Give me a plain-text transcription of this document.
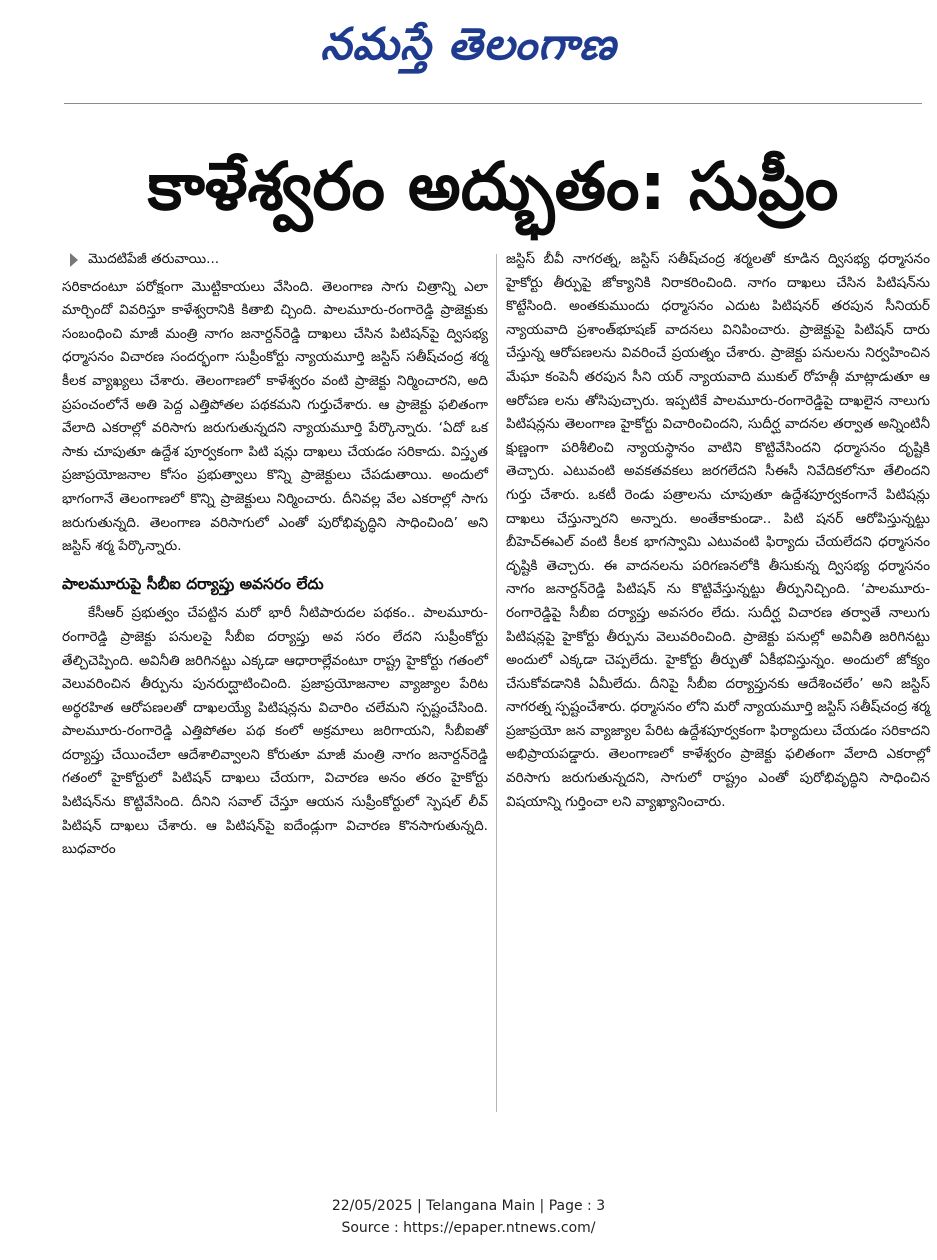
నమస్తే తెలంగాణ
కాళేశ్వరం అద్భుతం: సుప్రీం
మొదటిపేజీ తరువాయి...

సరికాదంటూ పరోక్షంగా మొట్టికాయలు వేసింది. తెలంగాణ సాగు చిత్రాన్ని ఎలా మార్చిందో వివరిస్తూ కాళేశ్వరానికి కితాబి చ్చింది. పాలమూరు-రంగారెడ్డి ప్రాజెక్టుకు సంబంధించి మాజీ మంత్రి నాగం జనార్దన్‌రెడ్డి దాఖలు చేసిన పిటిషన్‌పై ద్విసభ్య ధర్మాసనం విచారణ సందర్భంగా సుప్రీంకోర్టు న్యాయమూర్తి జస్టిస్ సతీష్‌చంద్ర శర్మ కీలక వ్యాఖ్యలు చేశారు. తెలంగాణలో కాళేశ్వరం వంటి ప్రాజెక్టు నిర్మించారని, అది ప్రపంచంలోనే అతి పెద్ద ఎత్తిపోతల పథకమని గుర్తుచేశారు. ఆ ప్రాజెక్టు ఫలితంగా వేలాది ఎకరాల్లో వరిసాగు జరుగుతున్నదని న్యాయమూర్తి పేర్కొన్నారు. ‘ఏదో ఒక సాకు చూపుతూ ఉద్దేశ పూర్వకంగా పిటి షన్లు దాఖలు చేయడం సరికాదు. విస్తృత ప్రజాప్రయోజనాల కోసం ప్రభుత్వాలు కొన్ని ప్రాజెక్టులు చేపడుతాయి. అందులో భాగంగానే తెలంగాణలో కొన్ని ప్రాజెక్టులు నిర్మించారు. దీనివల్ల వేల ఎకరాల్లో సాగు జరుగుతున్నది. తెలంగాణ వరిసాగులో ఎంతో పురోభివృద్ధిని సాధించింది’ అని జస్టిస్ శర్మ పేర్కొన్నారు.

పాలమూరుపై సీబీఐ దర్యాప్తు అవసరం లేదు

కేసీఆర్ ప్రభుత్వం చేపట్టిన మరో భారీ నీటిపారుదల పథకం.. పాలమూరు-రంగారెడ్డి ప్రాజెక్టు పనులపై సీబీఐ దర్యాప్తు అవ సరం లేదని సుప్రీంకోర్టు తేల్చిచెప్పింది. అవినీతి జరిగినట్టు ఎక్కడా ఆధారాల్లేవంటూ రాష్ట్ర హైకోర్టు గతంలో వెలువరించిన తీర్పును పునరుద్ఘాటించింది. ప్రజాప్రయోజనాల వ్యాజ్యాల పేరిట అర్థరహిత ఆరోపణలతో దాఖలయ్యే పిటిషన్లను విచారిం చలేమని స్పష్టంచేసింది. పాలమూరు-రంగారెడ్డి ఎత్తిపోతల పథ కంలో అక్రమాలు జరిగాయని, సీబీఐతో దర్యాప్తు చేయించేలా ఆదేశాలివ్వాలని కోరుతూ మాజీ మంత్రి నాగం జనార్దన్‌రెడ్డి గతంలో హైకోర్టులో పిటిషన్ దాఖలు చేయగా, విచారణ అనం తరం హైకోర్టు పిటిషన్‌ను కొట్టివేసింది. దీనిని సవాల్ చేస్తూ ఆయన సుప్రీంకోర్టులో స్పెషల్ లీవ్ పిటిషన్ దాఖలు చేశారు. ఆ పిటిషన్‌పై ఐదేండ్లుగా విచారణ కొనసాగుతున్నది. బుధవారం

జస్టిస్ బీవీ నాగరత్న, జస్టిస్ సతీష్‌చంద్ర శర్మలతో కూడిన ద్విసభ్య ధర్మాసనం హైకోర్టు తీర్పుపై జోక్యానికి నిరాకరించింది. నాగం దాఖలు చేసిన పిటిషన్‌ను కొట్టేసింది. అంతకుముందు ధర్మాసనం ఎదుట పిటిషనర్ తరపున సీనియర్ న్యాయవాది ప్రశాంత్‌భూషణ్ వాదనలు వినిపించారు. ప్రాజెక్టుపై పిటిషన్ దారు చేస్తున్న ఆరోపణలను వివరించే ప్రయత్నం చేశారు. ప్రాజెక్టు పనులను నిర్వహించిన మేఘా కంపెనీ తరపున సీని యర్ న్యాయవాది ముకుల్ రోహత్గీ మాట్లాడుతూ ఆ ఆరోపణ లను తోసిపుచ్చారు. ఇప్పటికే పాలమూరు-రంగారెడ్డిపై దాఖలైన నాలుగు పిటిషన్లను తెలంగాణ హైకోర్టు విచారించిందని, సుదీర్ఘ వాదనల తర్వాత అన్నింటినీ క్షుణ్ణంగా పరిశీలించి న్యాయస్థానం వాటిని కొట్టివేసిందని ధర్మాసనం దృష్టికి తెచ్చారు. ఎటువంటి అవకతవకలు జరగలేదని సీఈసీ నివేదికలోనూ తేలిందని గుర్తు చేశారు. ఒకటీ రెండు పత్రాలను చూపుతూ ఉద్దేశపూర్వకంగానే పిటిషన్లు దాఖలు చేస్తున్నారని అన్నారు. అంతేకాకుండా.. పిటి షనర్ ఆరోపిస్తున్నట్టు బీహెచ్‌ఈఎల్ వంటి కీలక భాగస్వామి ఎటువంటి ఫిర్యాదు చేయలేదని ధర్మాసనం దృష్టికి తెచ్చారు. ఈ వాదనలను పరిగణనలోకి తీసుకున్న ద్విసభ్య ధర్మాసనం నాగం జనార్దన్‌రెడ్డి పిటిషన్ ను కొట్టివేస్తున్నట్టు తీర్పునిచ్చింది. ‘పాలమూరు-రంగారెడ్డిపై సీబీఐ దర్యాప్తు అవసరం లేదు. సుదీర్ఘ విచారణ తర్వాతే నాలుగు పిటిషన్లపై హైకోర్టు తీర్పును వెలువరించింది. ప్రాజెక్టు పనుల్లో అవినీతి జరిగినట్టు అందులో ఎక్కడా చెప్పలేదు. హైకోర్టు తీర్పుతో ఏకీభవిస్తున్నం. అందులో జోక్యం చేసుకోవడానికి ఏమీలేదు. దీనిపై సీబీఐ దర్యాప్తునకు ఆదేశించలేం’ అని జస్టిస్ నాగరత్న స్పష్టంచేశారు. ధర్మాసనం లోని మరో న్యాయమూర్తి జస్టిస్ సతీష్‌చంద్ర శర్మ ప్రజాప్రయో జన వ్యాజ్యాల పేరిట ఉద్దేశపూర్వకంగా ఫిర్యాదులు చేయడం సరికాదని అభిప్రాయపడ్డారు. తెలంగాణలో కాళేశ్వరం ప్రాజెక్టు ఫలితంగా వేలాది ఎకరాల్లో వరిసాగు జరుగుతున్నదని, సాగులో రాష్ట్రం ఎంతో పురోభివృద్ధిని సాధించిన విషయాన్ని గుర్తించా లని వ్యాఖ్యానించారు.

22/05/2025 | Telangana Main | Page : 3
Source : https://epaper.ntnews.com/
